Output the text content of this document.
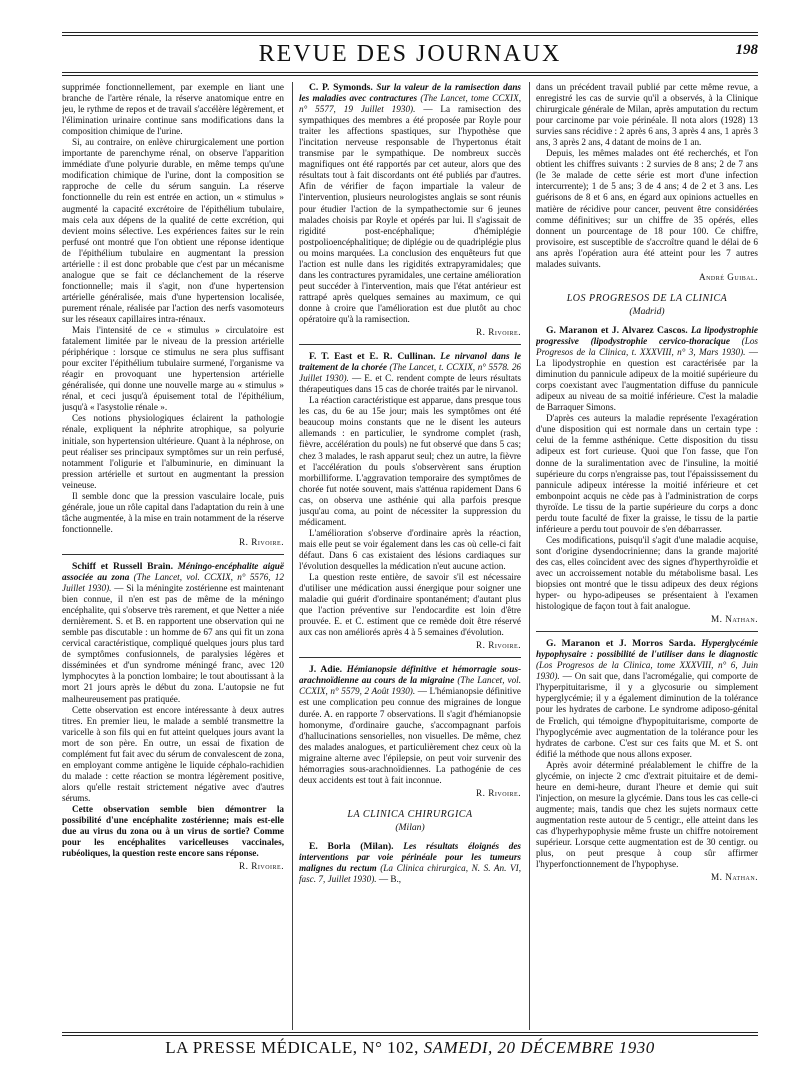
REVUE DES JOURNAUX	198

supprimée fonctionnellement, par exemple en liant une branche de l'artère rénale, la réserve anatomique entre en jeu, le rythme de repos et de travail s'accélère légèrement, et l'élimination urinaire continue sans modifications dans la composition chimique de l'urine.

Si, au contraire, on enlève chirurgicalement une portion importante de parenchyme rénal, on observe l'apparition immédiate d'une polyurie durable, en même temps qu'une modification chimique de l'urine, dont la composition se rapproche de celle du sérum sanguin. La réserve fonctionnelle du rein est entrée en action, un « stimulus » augmenté la capacité excrétoire de l'épithélium tubulaire, mais cela aux dépens de la qualité de cette excrétion, qui devient moins sélective. Les expériences faites sur le rein perfusé ont montré que l'on obtient une réponse identique de l'épithélium tubulaire en augmentant la pression artérielle : il est donc probable que c'est par un mécanisme analogue que se fait ce déclanchement de la réserve fonctionnelle; mais il s'agit, non d'une hypertension artérielle généralisée, mais d'une hypertension localisée, purement rénale, réalisée par l'action des nerfs vasomoteurs sur les réseaux capillaires intra-rénaux.

Mais l'intensité de ce « stimulus » circulatoire est fatalement limitée par le niveau de la pression artérielle périphérique : lorsque ce stimulus ne sera plus suffisant pour exciter l'épithélium tubulaire surmené, l'organisme va réagir en provoquant une hypertension artérielle généralisée, qui donne une nouvelle marge au « stimulus » rénal, et ceci jusqu'à épuisement total de l'épithélium, jusqu'à « l'asystolie rénale ».

Ces notions physiologiques éclairent la pathologie rénale, expliquent la néphrite atrophique, sa polyurie initiale, son hypertension ultérieure. Quant à la néphrose, on peut réaliser ses principaux symptômes sur un rein perfusé, notamment l'oligurie et l'albuminurie, en diminuant la pression artérielle et surtout en augmentant la pression veineuse.

Il semble donc que la pression vasculaire locale, puis générale, joue un rôle capital dans l'adaptation du rein à une tâche augmentée, à la mise en train notamment de la réserve fonctionnelle.

R. Rivoire.

Schiff et Russell Brain. Méningo-encéphalite aiguë associée au zona (The Lancet, vol. CCXIX, n° 5576, 12 Juillet 1930). — Si la méningite zostérienne est maintenant bien connue, il n'en est pas de même de la méningo encéphalite, qui s'observe très rarement, et que Netter a niée dernièrement. S. et B. en rapportent une observation qui ne semble pas discutable : un homme de 67 ans qui fit un zona cervical caractéristique, compliqué quelques jours plus tard de symptômes confusionnels, de paralysies légères et disséminées et d'un syndrome méningé franc, avec 120 lymphocytes à la ponction lombaire; le tout aboutissant à la mort 21 jours après le début du zona. L'autopsie ne fut malheureusement pas pratiquée.

Cette observation est encore intéressante à deux autres titres. En premier lieu, le malade a semblé transmettre la varicelle à son fils qui en fut atteint quelques jours avant la mort de son père. En outre, un essai de fixation de complément fut fait avec du sérum de convalescent de zona, en employant comme antigène le liquide céphalo-rachidien du malade : cette réaction se montra légèrement positive, alors qu'elle restait strictement négative avec d'autres sérums.

Cette observation semble bien démontrer la possibilité d'une encéphalite zostérienne; mais est-elle due au virus du zona ou à un virus de sortie? Comme pour les encéphalites varicelleuses vaccinales, rubéoliques, la question reste encore sans réponse.

R. Rivoire.

C. P. Symonds. Sur la valeur de la ramisection dans les maladies avec contractures (The Lancet, tome CCXIX, n° 5577, 19 Juillet 1930). — La ramisection des sympathiques des membres a été proposée par Royle pour traiter les affections spastiques, sur l'hypothèse que l'incitation nerveuse responsable de l'hypertonus était transmise par le sympathique. De nombreux succès magnifiques ont été rapportés par cet auteur, alors que des résultats tout à fait discordants ont été publiés par d'autres. Afin de vérifier de façon impartiale la valeur de l'intervention, plusieurs neurologistes anglais se sont réunis pour étudier l'action de la sympathectomie sur 6 jeunes malades choisis par Royle et opérés par lui. Il s'agissait de rigidité post-encéphalique; d'hémiplégie postpolioencéphalitique; de diplégie ou de quadriplégie plus ou moins marquées. La conclusion des enquêteurs fut que l'action est nulle dans les rigidités extrapyramidales; que dans les contractures pyramidales, une certaine amélioration peut succéder à l'intervention, mais que l'état antérieur est rattrapé après quelques semaines au maximum, ce qui donne à croire que l'amélioration est due plutôt au choc opératoire qu'à la ramisection.

R. Rivoire.

F. T. East et E. R. Cullinan. Le nirvanol dans le traitement de la chorée (The Lancet, t. CCXIX, n° 5578. 26 Juillet 1930). — E. et C. rendent compte de leurs résultats thérapeutiques dans 15 cas de chorée traités par le nirvanol.

La réaction caractéristique est apparue, dans presque tous les cas, du 6e au 15e jour; mais les symptômes ont été beaucoup moins constants que ne le disent les auteurs allemands : en particulier, le syndrome complet (rash, fièvre, accélération du pouls) ne fut observé que dans 5 cas; chez 3 malades, le rash apparut seul; chez un autre, la fièvre et l'accélération du pouls s'observèrent sans éruption morbilliforme. L'aggravation temporaire des symptômes de chorée fut notée souvent, mais s'atténua rapidement Dans 6 cas, on observa une asthénie qui alla parfois presque jusqu'au coma, au point de nécessiter la suppression du médicament.

L'amélioration s'observe d'ordinaire après la réaction, mais elle peut se voir également dans les cas où celle-ci fait défaut. Dans 6 cas existaient des lésions cardiaques sur l'évolution desquelles la médication n'eut aucune action.

La question reste entière, de savoir s'il est nécessaire d'utiliser une médication aussi énergique pour soigner une maladie qui guérit d'ordinaire spontanément; d'autant plus que l'action préventive sur l'endocardite est loin d'être prouvée. E. et C. estiment que ce remède doit être réservé aux cas non améliorés après 4 à 5 semaines d'évolution.

R. Rivoire.

J. Adie. Hémianopsie définitive et hémorragie sous-arachnoïdienne au cours de la migraine (The Lancet, vol. CCXIX, n° 5579, 2 Août 1930). — L'hémianopsie définitive est une complication peu connue des migraines de longue durée. A. en rapporte 7 observations. Il s'agit d'hémianopsie homonyme, d'ordinaire gauche, s'accompagnant parfois d'hallucinations sensorielles, non visuelles. De même, chez des malades analogues, et particulièrement chez ceux où la migraine alterne avec l'épilepsie, on peut voir survenir des hémorragies sous-arachnoïdiennes. La pathogénie de ces deux accidents est tout à fait inconnue.

R. Rivoire.
LA CLINICA CHIRURGICA
(Milan)

E. Borla (Milan). Les résultats éloignés des interventions par voie périnéale pour les tumeurs malignes du rectum (La Clinica chirurgica, N. S. An. VI, fasc. 7, Juillet 1930). — B.,

dans un précédent travail publié par cette même revue, a enregistré les cas de survie qu'il a observés, à la Clinique chirurgicale générale de Milan, après amputation du rectum pour carcinome par voie périnéale. Il nota alors (1928) 13 survies sans récidive : 2 après 6 ans, 3 après 4 ans, 1 après 3 ans, 3 après 2 ans, 4 datant de moins de 1 an.

Depuis, les mêmes malades ont été recherchés, et l'on obtient les chiffres suivants : 2 survies de 8 ans; 2 de 7 ans (le 3e malade de cette série est mort d'une infection intercurrente); 1 de 5 ans; 3 de 4 ans; 4 de 2 et 3 ans. Les guérisons de 8 et 6 ans, en égard aux opinions actuelles en matière de récidive pour cancer, peuvent être considérées comme définitives; sur un chiffre de 35 opérés, elles donnent un pourcentage de 18 pour 100. Ce chiffre, provisoire, est susceptible de s'accroître quand le délai de 6 ans après l'opération aura été atteint pour les 7 autres malades suivants.

André Guibal.
LOS PROGRESOS DE LA CLINICA
(Madrid)

G. Maranon et J. Alvarez Cascos. La lipodystrophie progressive (lipodystrophie cervico-thoracique (Los Progresos de la Clinica, t. XXXVIII, n° 3, Mars 1930). — La lipodystrophie en question est caractérisée par la diminution du pannicule adipeux de la moitié supérieure du corps coexistant avec l'augmentation diffuse du pannicule adipeux au niveau de sa moitié inférieure. C'est la maladie de Barraquer Simons.

D'après ces auteurs la maladie représente l'exagération d'une disposition qui est normale dans un certain type : celui de la femme asthénique. Cette disposition du tissu adipeux est fort curieuse. Quoi que l'on fasse, que l'on donne de la suralimentation avec de l'insuline, la moitié supérieure du corps n'engraisse pas, tout l'épaississement du pannicule adipeux intéresse la moitié inférieure et cet embonpoint acquis ne cède pas à l'administration de corps thyroïde. Le tissu de la partie supérieure du corps a donc perdu toute faculté de fixer la graisse, le tissu de la partie inférieure a perdu tout pouvoir de s'en débarrasser.

Ces modifications, puisqu'il s'agit d'une maladie acquise, sont d'origine dysendocrinienne; dans la grande majorité des cas, elles coïncident avec des signes d'hyperthyroïdie et avec un accroissement notable du métabolisme basal. Les biopsies ont montré que le tissu adipeux des deux régions hyper- ou hypo-adipeuses se présentaient à l'examen histologique de façon tout à fait analogue.

M. Nathan.

G. Maranon et J. Morros Sarda. Hyperglycémie hypophysaire : possibilité de l'utiliser dans le diagnostic (Los Progresos de la Clinica, tome XXXVIII, n° 6, Juin 1930). — On sait que, dans l'acromégalie, qui comporte de l'hyperpituitarisme, il y a glycosurie ou simplement hyperglycémie; il y a également diminution de la tolérance pour les hydrates de carbone. Le syndrome adiposo-génital de Frœlich, qui témoigne d'hypopituitarisme, comporte de l'hypoglycémie avec augmentation de la tolérance pour les hydrates de carbone. C'est sur ces faits que M. et S. ont édifié la méthode que nous allons exposer.

Après avoir déterminé préalablement le chiffre de la glycémie, on injecte 2 cmc d'extrait pituitaire et de demi-heure en demi-heure, durant l'heure et demie qui suit l'injection, on mesure la glycémie. Dans tous les cas celle-ci augmente; mais, tandis que chez les sujets normaux cette augmentation reste autour de 5 centigr., elle atteint dans les cas d'hyperhypophysie même fruste un chiffre notoirement supérieur. Lorsque cette augmentation est de 30 centigr. ou plus, on peut presque à coup sûr affirmer l'hyperfonctionnement de l'hypophyse.

M. Nathan.
LA PRESSE MÉDICALE, N° 102, SAMEDI, 20 DÉCEMBRE 1930
